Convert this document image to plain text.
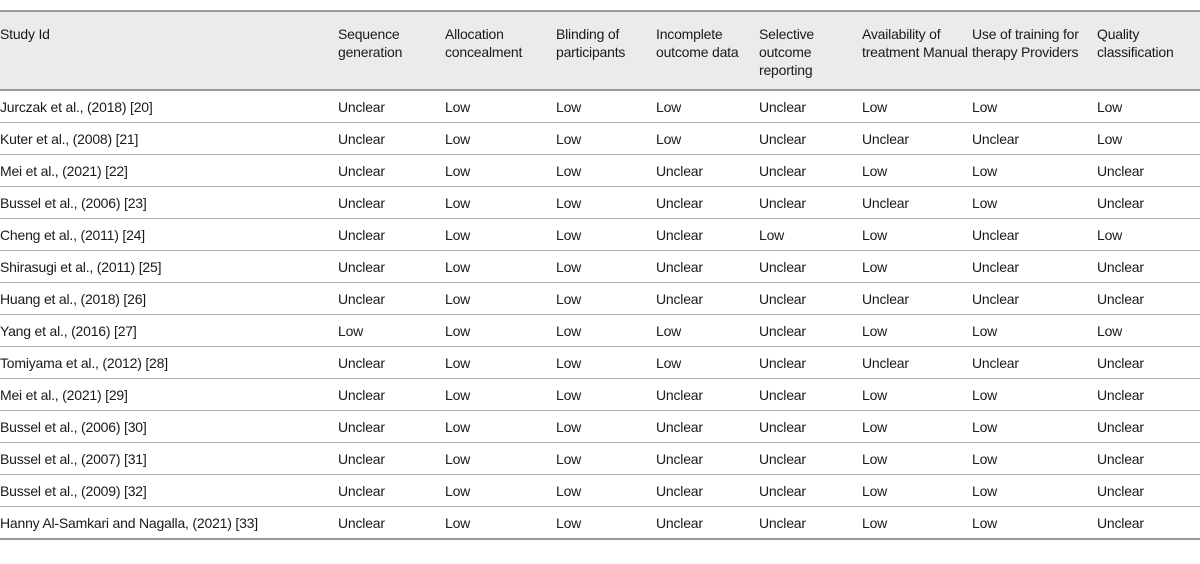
Study Id	Sequence generation	Allocation concealment	Blinding of participants	Incomplete outcome data	Selective outcome reporting	Availability of treatment Manual	Use of training for therapy Providers	Quality classification
Jurczak et al., (2018) [20]	Unclear	Low	Low	Low	Unclear	Low	Low	Low
Kuter et al., (2008) [21]	Unclear	Low	Low	Low	Unclear	Unclear	Unclear	Low
Mei et al., (2021) [22]	Unclear	Low	Low	Unclear	Unclear	Low	Low	Unclear
Bussel et al., (2006) [23]	Unclear	Low	Low	Unclear	Unclear	Unclear	Low	Unclear
Cheng et al., (2011) [24]	Unclear	Low	Low	Unclear	Low	Low	Unclear	Low
Shirasugi et al., (2011) [25]	Unclear	Low	Low	Unclear	Unclear	Low	Unclear	Unclear
Huang et al., (2018) [26]	Unclear	Low	Low	Unclear	Unclear	Unclear	Unclear	Unclear
Yang et al., (2016) [27]	Low	Low	Low	Low	Unclear	Low	Low	Low
Tomiyama et al., (2012) [28]	Unclear	Low	Low	Low	Unclear	Unclear	Unclear	Unclear
Mei et al., (2021) [29]	Unclear	Low	Low	Unclear	Unclear	Low	Low	Unclear
Bussel et al., (2006) [30]	Unclear	Low	Low	Unclear	Unclear	Low	Low	Unclear
Bussel et al., (2007) [31]	Unclear	Low	Low	Unclear	Unclear	Low	Low	Unclear
Bussel et al., (2009) [32]	Unclear	Low	Low	Unclear	Unclear	Low	Low	Unclear
Hanny Al-Samkari and Nagalla, (2021) [33]	Unclear	Low	Low	Unclear	Unclear	Low	Low	Unclear
